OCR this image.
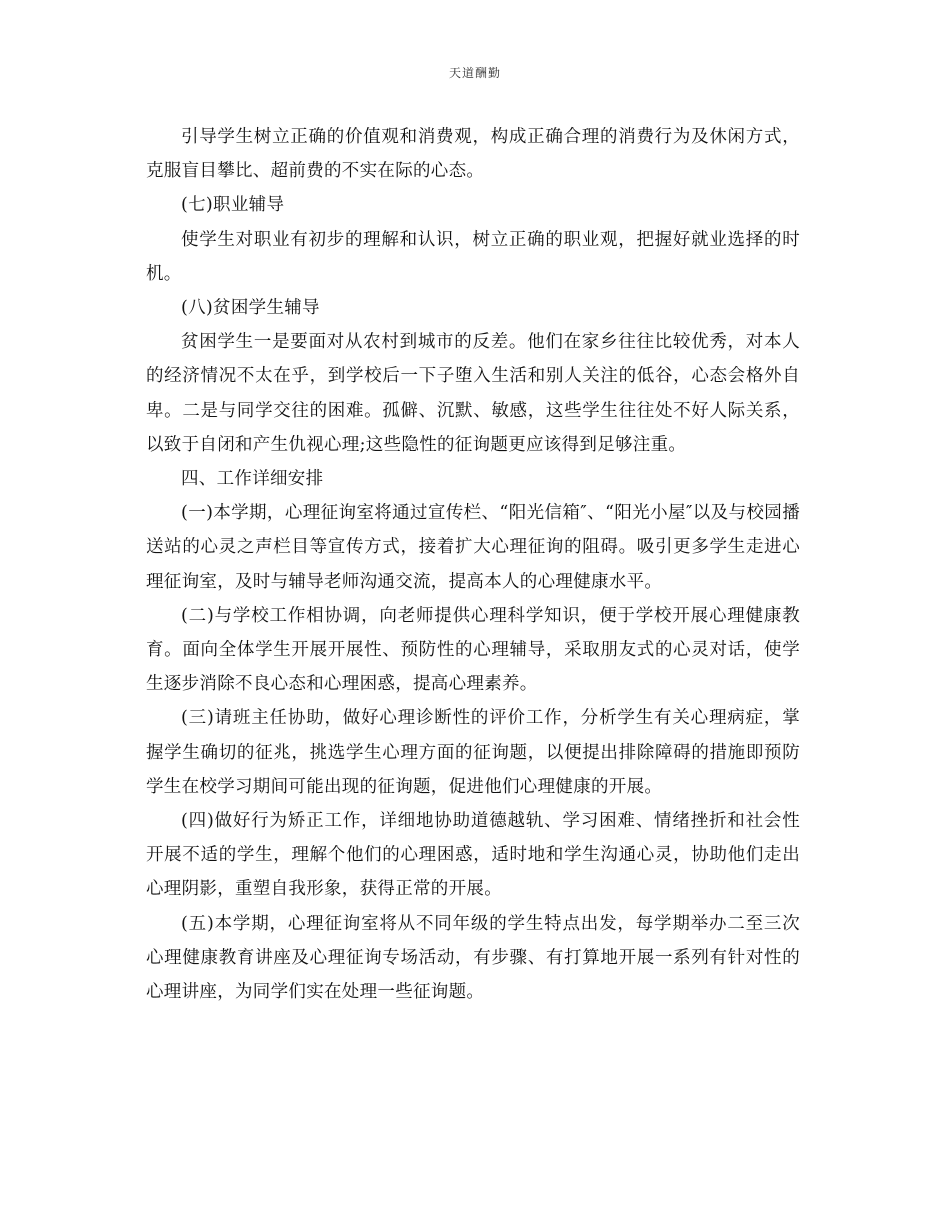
天道酬勤

引导学生树立正确的价值观和消费观，构成正确合理的消费行为及休闲方式，克服盲目攀比、超前费的不实在际的心态。

(七)职业辅导

使学生对职业有初步的理解和认识，树立正确的职业观，把握好就业选择的时机。

(八)贫困学生辅导

贫困学生一是要面对从农村到城市的反差。他们在家乡往往比较优秀，对本人的经济情况不太在乎，到学校后一下子堕入生活和别人关注的低谷，心态会格外自卑。二是与同学交往的困难。孤僻、沉默、敏感，这些学生往往处不好人际关系，以致于自闭和产生仇视心理;这些隐性的征询题更应该得到足够注重。

四、工作详细安排

(一)本学期，心理征询室将通过宣传栏、“阳光信箱″、“阳光小屋″以及与校园播送站的心灵之声栏目等宣传方式，接着扩大心理征询的阻碍。吸引更多学生走进心理征询室，及时与辅导老师沟通交流，提高本人的心理健康水平。

(二)与学校工作相协调，向老师提供心理科学知识，便于学校开展心理健康教育。面向全体学生开展开展性、预防性的心理辅导，采取朋友式的心灵对话，使学生逐步消除不良心态和心理困惑，提高心理素养。

(三)请班主任协助，做好心理诊断性的评价工作，分析学生有关心理病症，掌握学生确切的征兆，挑选学生心理方面的征询题，以便提出排除障碍的措施即预防学生在校学习期间可能出现的征询题，促进他们心理健康的开展。

(四)做好行为矫正工作，详细地协助道德越轨、学习困难、情绪挫折和社会性开展不适的学生，理解个他们的心理困惑，适时地和学生沟通心灵，协助他们走出心理阴影，重塑自我形象，获得正常的开展。

(五)本学期，心理征询室将从不同年级的学生特点出发，每学期举办二至三次心理健康教育讲座及心理征询专场活动，有步骤、有打算地开展一系列有针对性的心理讲座，为同学们实在处理一些征询题。
